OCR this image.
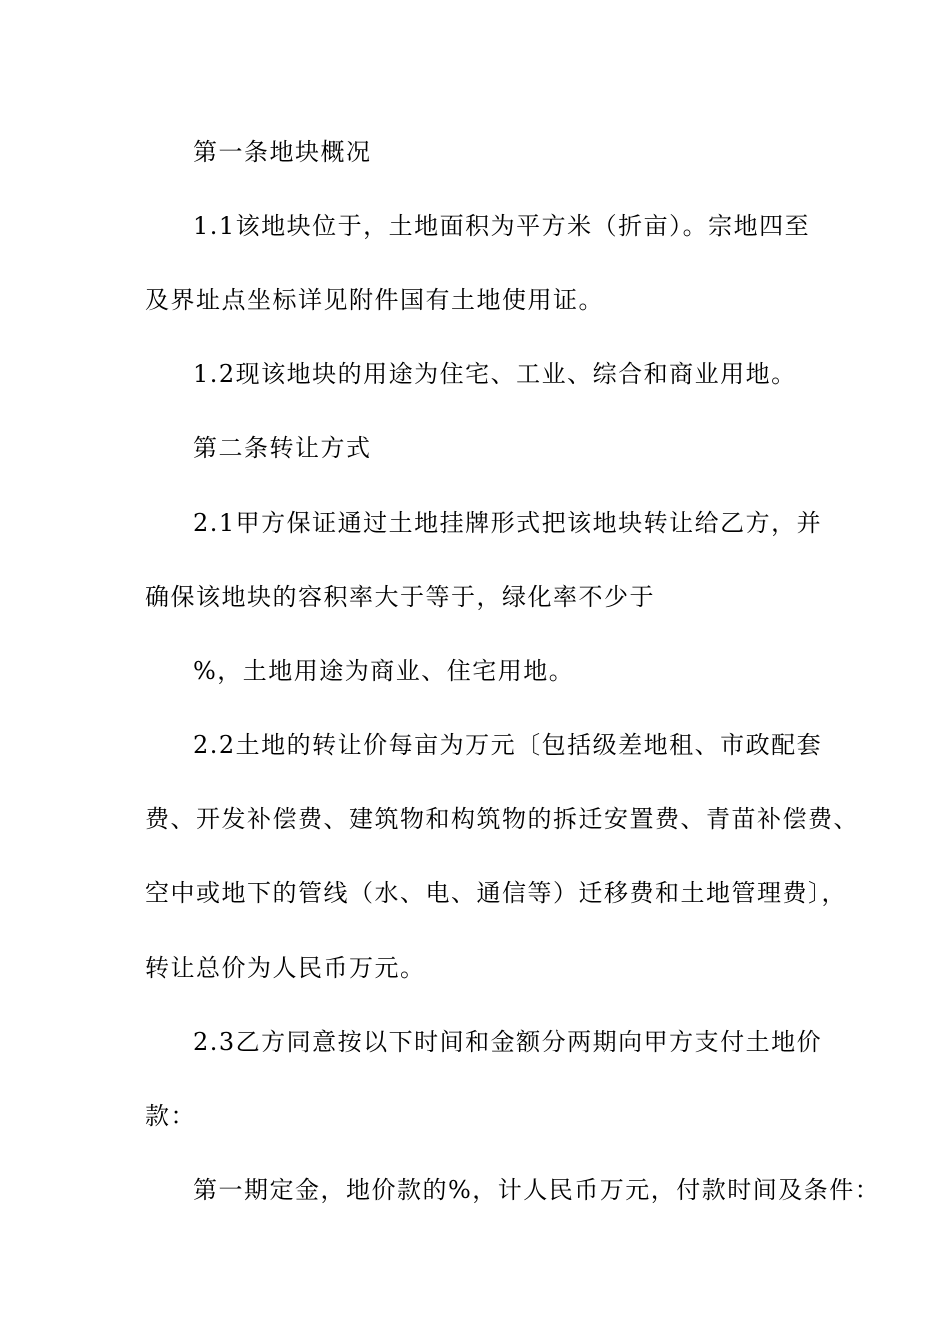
第一条地块概况
1.1该地块位于，土地面积为平方米（折亩）。宗地四至
及界址点坐标详见附件国有土地使用证。
1.2现该地块的用途为住宅、工业、综合和商业用地。
第二条转让方式
2.1甲方保证通过土地挂牌形式把该地块转让给乙方，并
确保该地块的容积率大于等于，绿化率不少于
%，土地用途为商业、住宅用地。
2.2土地的转让价每亩为万元〔包括级差地租、市政配套
费、开发补偿费、建筑物和构筑物的拆迁安置费、青苗补偿费、
空中或地下的管线（水、电、通信等）迁移费和土地管理费〕，
转让总价为人民币万元。
2.3乙方同意按以下时间和金额分两期向甲方支付土地价
款：
第一期定金，地价款的%，计人民币万元，付款时间及条件：
